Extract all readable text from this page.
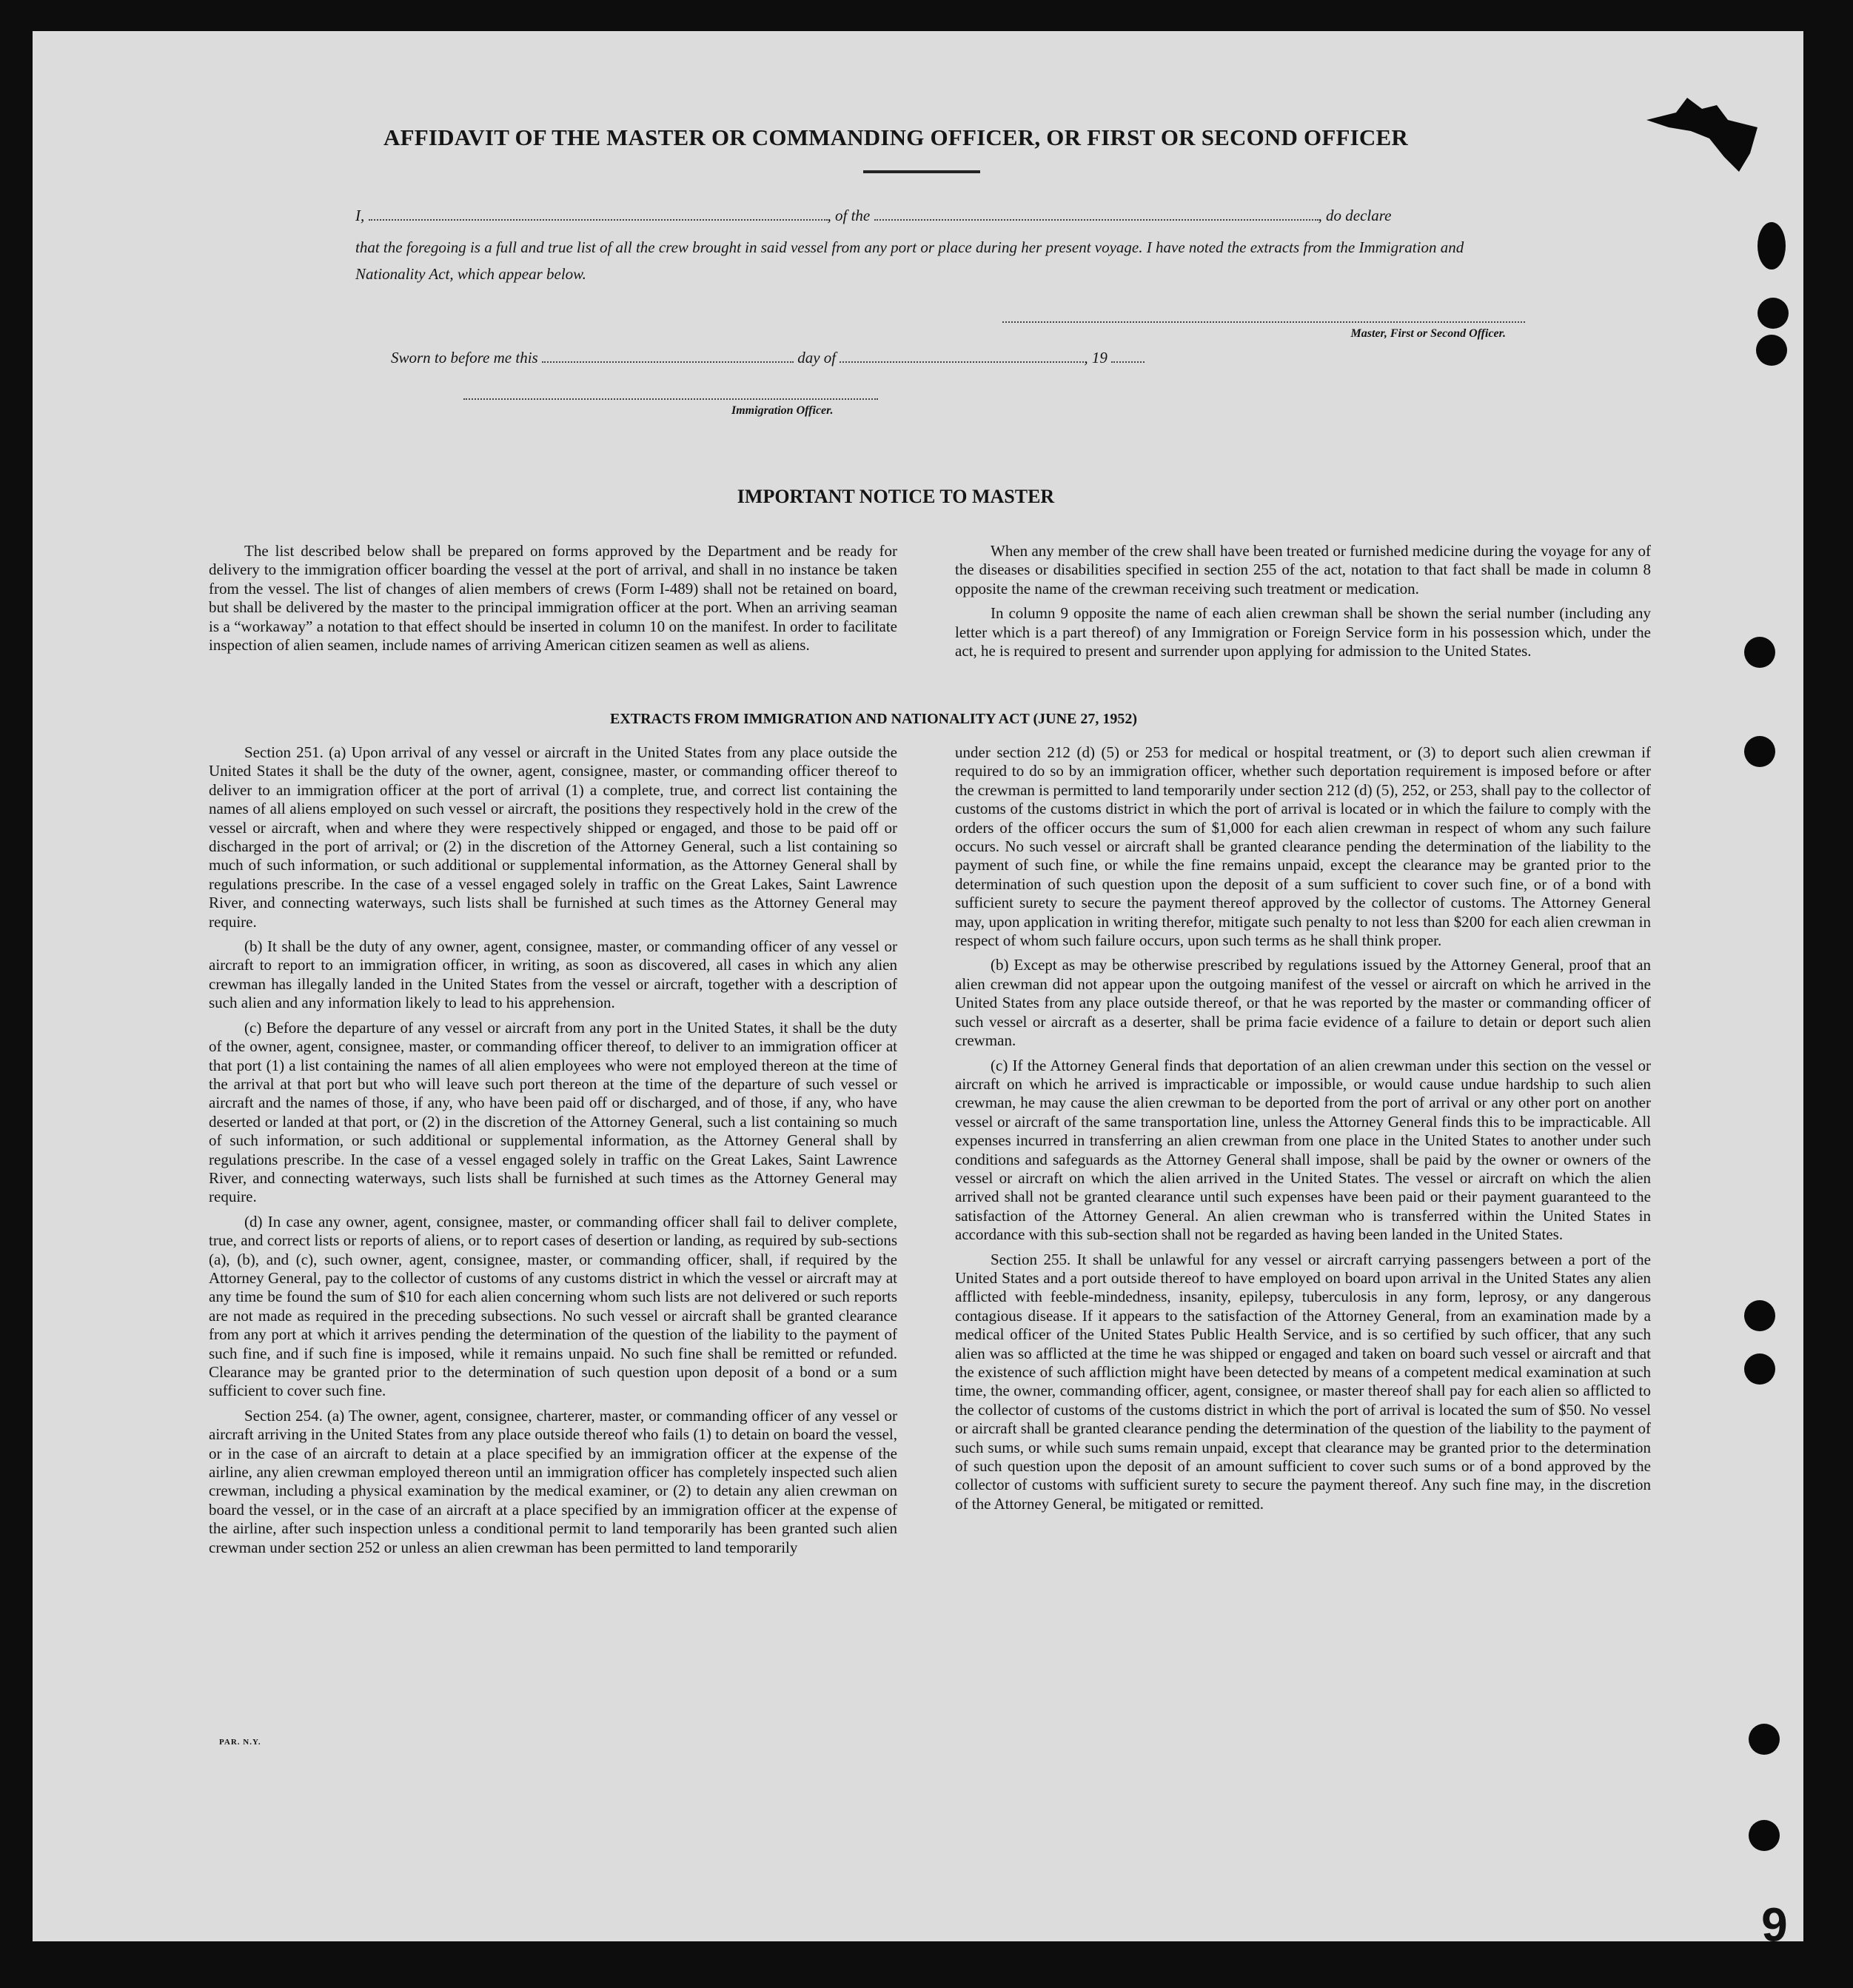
AFFIDAVIT OF THE MASTER OR COMMANDING OFFICER, OR FIRST OR SECOND OFFICER
I,	, of the	, do declare
that the foregoing is a full and true list of all the crew brought in said vessel from any port or place during her present voyage. I have noted the extracts from the Immigration and Nationality Act, which appear below.
Master, First or Second Officer.
Sworn to before me this	day of	, 19
Immigration Officer.
IMPORTANT NOTICE TO MASTER

The list described below shall be prepared on forms approved by the Department and be ready for delivery to the immigration officer boarding the vessel at the port of arrival, and shall in no instance be taken from the vessel. The list of changes of alien members of crews (Form I-489) shall not be retained on board, but shall be delivered by the master to the principal immigration officer at the port. When an arriving seaman is a “workaway” a notation to that effect should be inserted in column 10 on the manifest. In order to facilitate inspection of alien seamen, include names of arriving American citizen seamen as well as aliens.

When any member of the crew shall have been treated or furnished medicine during the voyage for any of the diseases or disabilities specified in section 255 of the act, notation to that fact shall be made in column 8 opposite the name of the crewman receiving such treatment or medication.

In column 9 opposite the name of each alien crewman shall be shown the serial number (including any letter which is a part thereof) of any Immigration or Foreign Service form in his possession which, under the act, he is required to present and surrender upon applying for admission to the United States.

EXTRACTS FROM IMMIGRATION AND NATIONALITY ACT (JUNE 27, 1952)

Section 251. (a) Upon arrival of any vessel or aircraft in the United States from any place outside the United States it shall be the duty of the owner, agent, consignee, master, or commanding officer thereof to deliver to an immigration officer at the port of arrival (1) a complete, true, and correct list containing the names of all aliens employed on such vessel or aircraft, the positions they respectively hold in the crew of the vessel or aircraft, when and where they were respectively shipped or engaged, and those to be paid off or discharged in the port of arrival; or (2) in the discretion of the Attorney General, such a list containing so much of such information, or such additional or supplemental information, as the Attorney General shall by regulations prescribe. In the case of a vessel engaged solely in traffic on the Great Lakes, Saint Lawrence River, and connecting waterways, such lists shall be furnished at such times as the Attorney General may require.

(b) It shall be the duty of any owner, agent, consignee, master, or commanding officer of any vessel or aircraft to report to an immigration officer, in writing, as soon as discovered, all cases in which any alien crewman has illegally landed in the United States from the vessel or aircraft, together with a description of such alien and any information likely to lead to his apprehension.

(c) Before the departure of any vessel or aircraft from any port in the United States, it shall be the duty of the owner, agent, consignee, master, or commanding officer thereof, to deliver to an immigration officer at that port (1) a list containing the names of all alien employees who were not employed thereon at the time of the arrival at that port but who will leave such port thereon at the time of the departure of such vessel or aircraft and the names of those, if any, who have been paid off or discharged, and of those, if any, who have deserted or landed at that port, or (2) in the discretion of the Attorney General, such a list containing so much of such information, or such additional or supplemental information, as the Attorney General shall by regulations prescribe. In the case of a vessel engaged solely in traffic on the Great Lakes, Saint Lawrence River, and connecting waterways, such lists shall be furnished at such times as the Attorney General may require.

(d) In case any owner, agent, consignee, master, or commanding officer shall fail to deliver complete, true, and correct lists or reports of aliens, or to report cases of desertion or landing, as required by sub-sections (a), (b), and (c), such owner, agent, consignee, master, or commanding officer, shall, if required by the Attorney General, pay to the collector of customs of any customs district in which the vessel or aircraft may at any time be found the sum of $10 for each alien concerning whom such lists are not delivered or such reports are not made as required in the preceding subsections. No such vessel or aircraft shall be granted clearance from any port at which it arrives pending the determination of the question of the liability to the payment of such fine, and if such fine is imposed, while it remains unpaid. No such fine shall be remitted or refunded. Clearance may be granted prior to the determination of such question upon deposit of a bond or a sum sufficient to cover such fine.

Section 254. (a) The owner, agent, consignee, charterer, master, or commanding officer of any vessel or aircraft arriving in the United States from any place outside thereof who fails (1) to detain on board the vessel, or in the case of an aircraft to detain at a place specified by an immigration officer at the expense of the airline, any alien crewman employed thereon until an immigration officer has completely inspected such alien crewman, including a physical examination by the medical examiner, or (2) to detain any alien crewman on board the vessel, or in the case of an aircraft at a place specified by an immigration officer at the expense of the airline, after such inspection unless a conditional permit to land temporarily has been granted such alien crewman under section 252 or unless an alien crewman has been permitted to land temporarily

under section 212 (d) (5) or 253 for medical or hospital treatment, or (3) to deport such alien crewman if required to do so by an immigration officer, whether such deportation requirement is imposed before or after the crewman is permitted to land temporarily under section 212 (d) (5), 252, or 253, shall pay to the collector of customs of the customs district in which the port of arrival is located or in which the failure to comply with the orders of the officer occurs the sum of $1,000 for each alien crewman in respect of whom any such failure occurs. No such vessel or aircraft shall be granted clearance pending the determination of the liability to the payment of such fine, or while the fine remains unpaid, except the clearance may be granted prior to the determination of such question upon the deposit of a sum sufficient to cover such fine, or of a bond with sufficient surety to secure the payment thereof approved by the collector of customs. The Attorney General may, upon application in writing therefor, mitigate such penalty to not less than $200 for each alien crewman in respect of whom such failure occurs, upon such terms as he shall think proper.

(b) Except as may be otherwise prescribed by regulations issued by the Attorney General, proof that an alien crewman did not appear upon the outgoing manifest of the vessel or aircraft on which he arrived in the United States from any place outside thereof, or that he was reported by the master or commanding officer of such vessel or aircraft as a deserter, shall be prima facie evidence of a failure to detain or deport such alien crewman.

(c) If the Attorney General finds that deportation of an alien crewman under this section on the vessel or aircraft on which he arrived is impracticable or impossible, or would cause undue hardship to such alien crewman, he may cause the alien crewman to be deported from the port of arrival or any other port on another vessel or aircraft of the same transportation line, unless the Attorney General finds this to be impracticable. All expenses incurred in transferring an alien crewman from one place in the United States to another under such conditions and safeguards as the Attorney General shall impose, shall be paid by the owner or owners of the vessel or aircraft on which the alien arrived in the United States. The vessel or aircraft on which the alien arrived shall not be granted clearance until such expenses have been paid or their payment guaranteed to the satisfaction of the Attorney General. An alien crewman who is transferred within the United States in accordance with this sub-section shall not be regarded as having been landed in the United States.

Section 255. It shall be unlawful for any vessel or aircraft carrying passengers between a port of the United States and a port outside thereof to have employed on board upon arrival in the United States any alien afflicted with feeble-mindedness, insanity, epilepsy, tuberculosis in any form, leprosy, or any dangerous contagious disease. If it appears to the satisfaction of the Attorney General, from an examination made by a medical officer of the United States Public Health Service, and is so certified by such officer, that any such alien was so afflicted at the time he was shipped or engaged and taken on board such vessel or aircraft and that the existence of such affliction might have been detected by means of a competent medical examination at such time, the owner, commanding officer, agent, consignee, or master thereof shall pay for each alien so afflicted to the collector of customs of the customs district in which the port of arrival is located the sum of $50. No vessel or aircraft shall be granted clearance pending the determination of the question of the liability to the payment of such sums, or while such sums remain unpaid, except that clearance may be granted prior to the determination of such question upon the deposit of an amount sufficient to cover such sums or of a bond approved by the collector of customs with sufficient surety to secure the payment thereof. Any such fine may, in the discretion of the Attorney General, be mitigated or remitted.

PAR. N.Y.
6
